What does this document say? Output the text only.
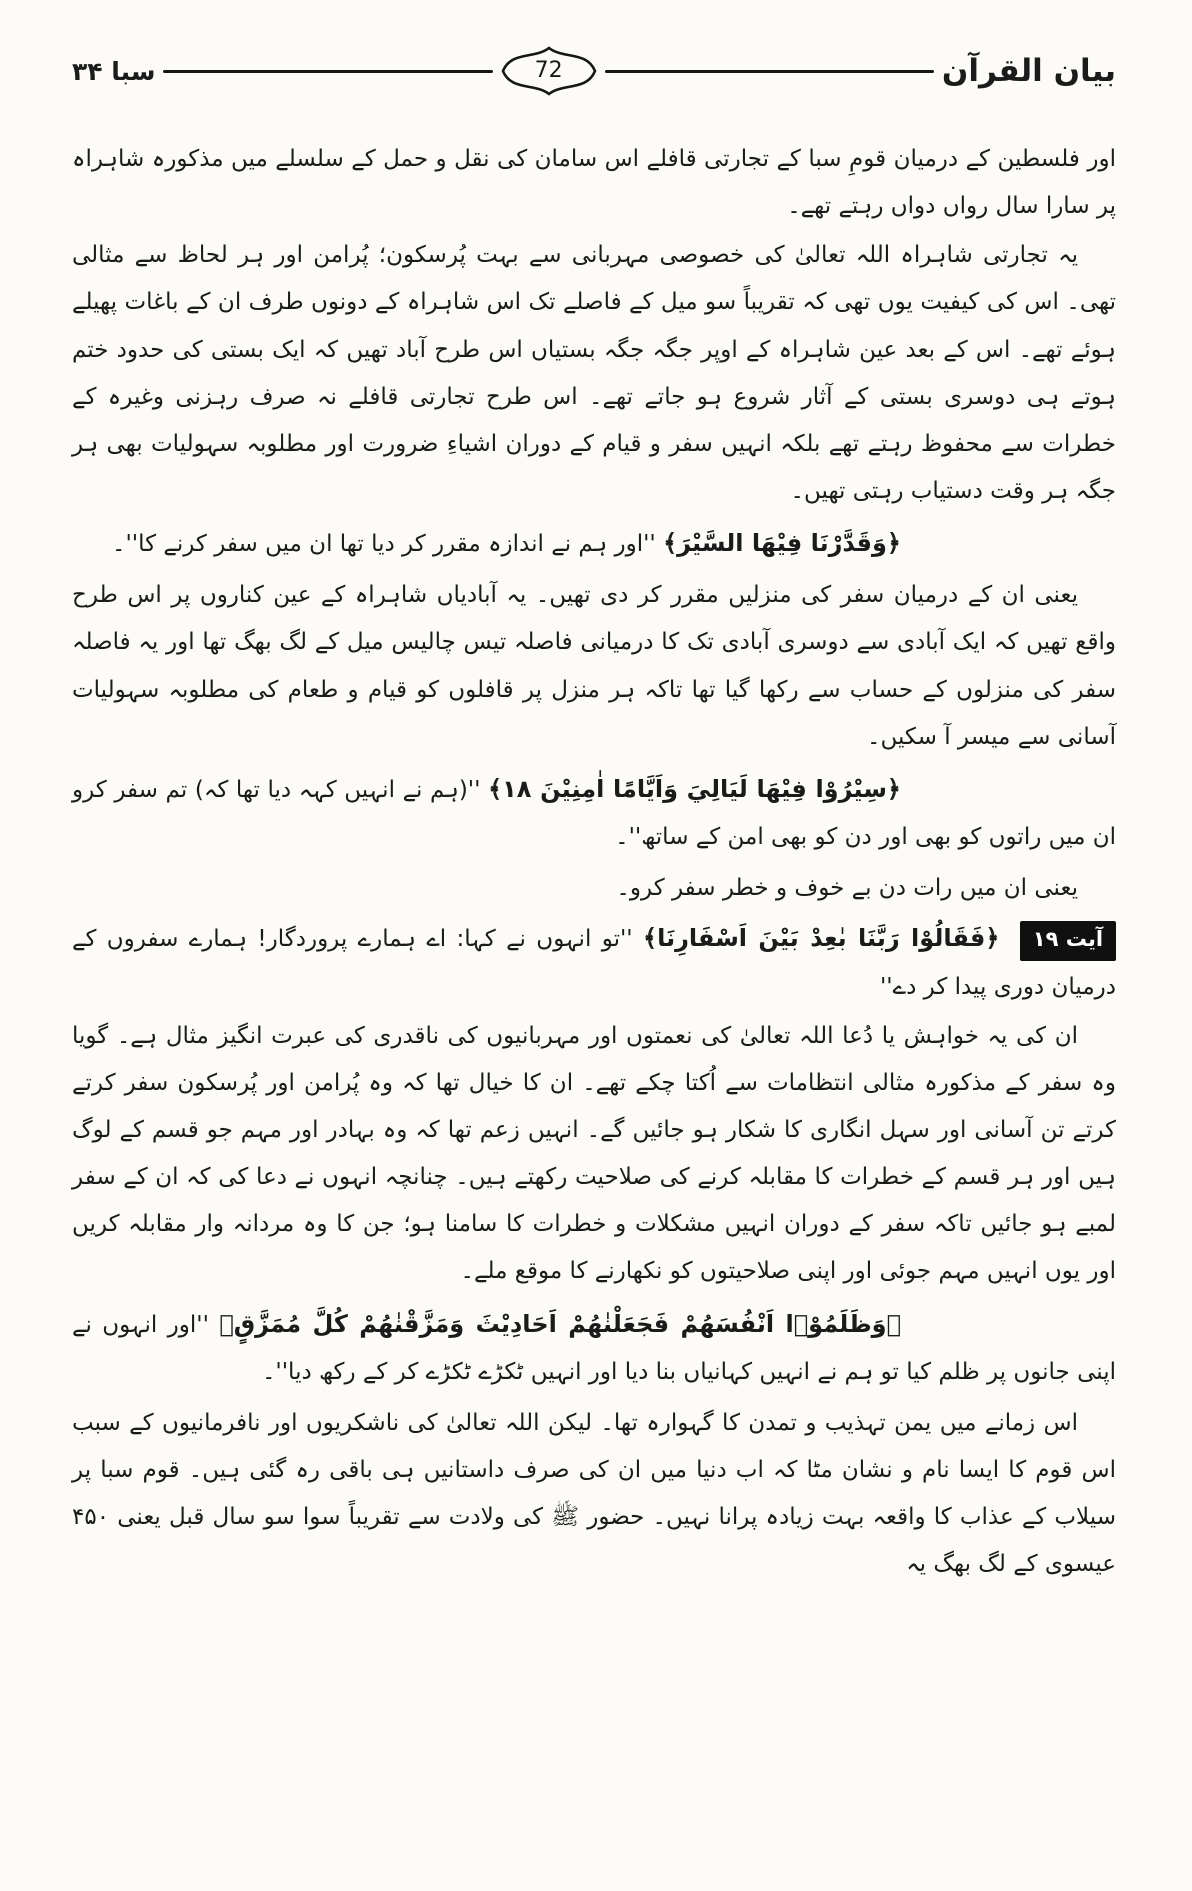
بیان القرآن
72
سبا ۳۴

اور فلسطین کے درمیان قومِ سبا کے تجارتی قافلے اس سامان کی نقل و حمل کے سلسلے میں مذکورہ شاہراہ پر سارا سال رواں دواں رہتے تھے۔

یہ تجارتی شاہراہ اللہ تعالیٰ کی خصوصی مہربانی سے بہت پُرسکون؛ پُرامن اور ہر لحاظ سے مثالی تھی۔ اس کی کیفیت یوں تھی کہ تقریباً سو میل کے فاصلے تک اس شاہراہ کے دونوں طرف ان کے باغات پھیلے ہوئے تھے۔ اس کے بعد عین شاہراہ کے اوپر جگہ جگہ بستیاں اس طرح آباد تھیں کہ ایک بستی کی حدود ختم ہوتے ہی دوسری بستی کے آثار شروع ہو جاتے تھے۔ اس طرح تجارتی قافلے نہ صرف رہزنی وغیرہ کے خطرات سے محفوظ رہتے تھے بلکہ انہیں سفر و قیام کے دوران اشیاءِ ضرورت اور مطلوبہ سہولیات بھی ہر جگہ ہر وقت دستیاب رہتی تھیں۔

﴿وَقَدَّرْنَا فِيْهَا السَّيْرَ﴾ ''اور ہم نے اندازہ مقرر کر دیا تھا ان میں سفر کرنے کا''۔

یعنی ان کے درمیان سفر کی منزلیں مقرر کر دی تھیں۔ یہ آبادیاں شاہراہ کے عین کناروں پر اس طرح واقع تھیں کہ ایک آبادی سے دوسری آبادی تک کا درمیانی فاصلہ تیس چالیس میل کے لگ بھگ تھا اور یہ فاصلہ سفر کی منزلوں کے حساب سے رکھا گیا تھا تاکہ ہر منزل پر قافلوں کو قیام و طعام کی مطلوبہ سہولیات آسانی سے میسر آ سکیں۔

﴿سِيْرُوْا فِيْهَا لَيَالِيَ وَاَيَّامًا اٰمِنِيْنَ ۱۸﴾ ''(ہم نے انہیں کہہ دیا تھا کہ) تم سفر کرو ان میں راتوں کو بھی اور دن کو بھی امن کے ساتھ''۔

یعنی ان میں رات دن بے خوف و خطر سفر کرو۔

آیت ۱۹ ﴿فَقَالُوْا رَبَّنَا بٰعِدْ بَيْنَ اَسْفَارِنَا﴾ ''تو انہوں نے کہا: اے ہمارے پروردگار! ہمارے سفروں کے درمیان دوری پیدا کر دے''

ان کی یہ خواہش یا دُعا اللہ تعالیٰ کی نعمتوں اور مہربانیوں کی ناقدری کی عبرت انگیز مثال ہے۔ گویا وہ سفر کے مذکورہ مثالی انتظامات سے اُکتا چکے تھے۔ ان کا خیال تھا کہ وہ پُرامن اور پُرسکون سفر کرتے کرتے تن آسانی اور سہل انگاری کا شکار ہو جائیں گے۔ انہیں زعم تھا کہ وہ بہادر اور مہم جو قسم کے لوگ ہیں اور ہر قسم کے خطرات کا مقابلہ کرنے کی صلاحیت رکھتے ہیں۔ چنانچہ انہوں نے دعا کی کہ ان کے سفر لمبے ہو جائیں تاکہ سفر کے دوران انہیں مشکلات و خطرات کا سامنا ہو؛ جن کا وہ مردانہ وار مقابلہ کریں اور یوں انہیں مہم جوئی اور اپنی صلاحیتوں کو نکھارنے کا موقع ملے۔

﴿وَظَلَمُوْۤا اَنْفُسَهُمْ فَجَعَلْنٰهُمْ اَحَادِيْثَ وَمَزَّقْنٰهُمْ كُلَّ مُمَزَّقٍ﴾ ''اور انہوں نے اپنی جانوں پر ظلم کیا تو ہم نے انہیں کہانیاں بنا دیا اور انہیں ٹکڑے ٹکڑے کر کے رکھ دیا''۔

اس زمانے میں یمن تہذیب و تمدن کا گہوارہ تھا۔ لیکن اللہ تعالیٰ کی ناشکریوں اور نافرمانیوں کے سبب اس قوم کا ایسا نام و نشان مٹا کہ اب دنیا میں ان کی صرف داستانیں ہی باقی رہ گئی ہیں۔ قوم سبا پر سیلاب کے عذاب کا واقعہ بہت زیادہ پرانا نہیں۔ حضور ﷺ کی ولادت سے تقریباً سوا سو سال قبل یعنی ۴۵۰ عیسوی کے لگ بھگ یہ
